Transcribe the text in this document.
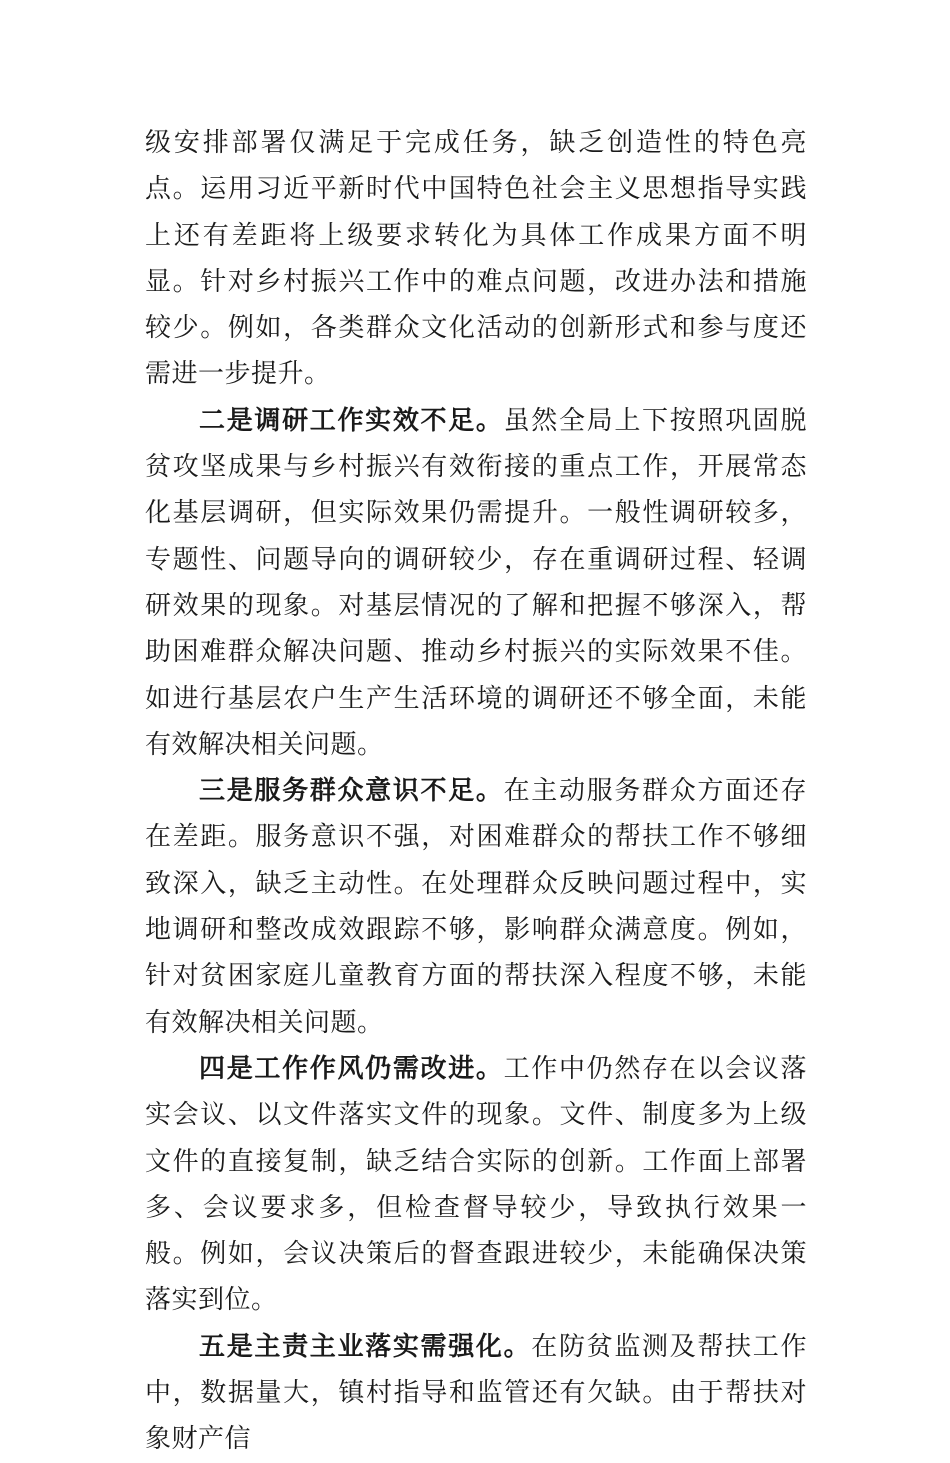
级安排部署仅满足于完成任务，缺乏创造性的特色亮点。运用习近平新时代中国特色社会主义思想指导实践上还有差距将上级要求转化为具体工作成果方面不明显。针对乡村振兴工作中的难点问题，改进办法和措施较少。例如，各类群众文化活动的创新形式和参与度还需进一步提升。

二是调研工作实效不足。虽然全局上下按照巩固脱贫攻坚成果与乡村振兴有效衔接的重点工作，开展常态化基层调研，但实际效果仍需提升。一般性调研较多，专题性、问题导向的调研较少，存在重调研过程、轻调研效果的现象。对基层情况的了解和把握不够深入，帮助困难群众解决问题、推动乡村振兴的实际效果不佳。如进行基层农户生产生活环境的调研还不够全面，未能有效解决相关问题。

三是服务群众意识不足。在主动服务群众方面还存在差距。服务意识不强，对困难群众的帮扶工作不够细致深入，缺乏主动性。在处理群众反映问题过程中，实地调研和整改成效跟踪不够，影响群众满意度。例如，针对贫困家庭儿童教育方面的帮扶深入程度不够，未能有效解决相关问题。

四是工作作风仍需改进。工作中仍然存在以会议落实会议、以文件落实文件的现象。文件、制度多为上级文件的直接复制，缺乏结合实际的创新。工作面上部署多、会议要求多，但检查督导较少，导致执行效果一般。例如，会议决策后的督查跟进较少，未能确保决策落实到位。

五是主责主业落实需强化。在防贫监测及帮扶工作中，数据量大，镇村指导和监管还有欠缺。由于帮扶对象财产信
